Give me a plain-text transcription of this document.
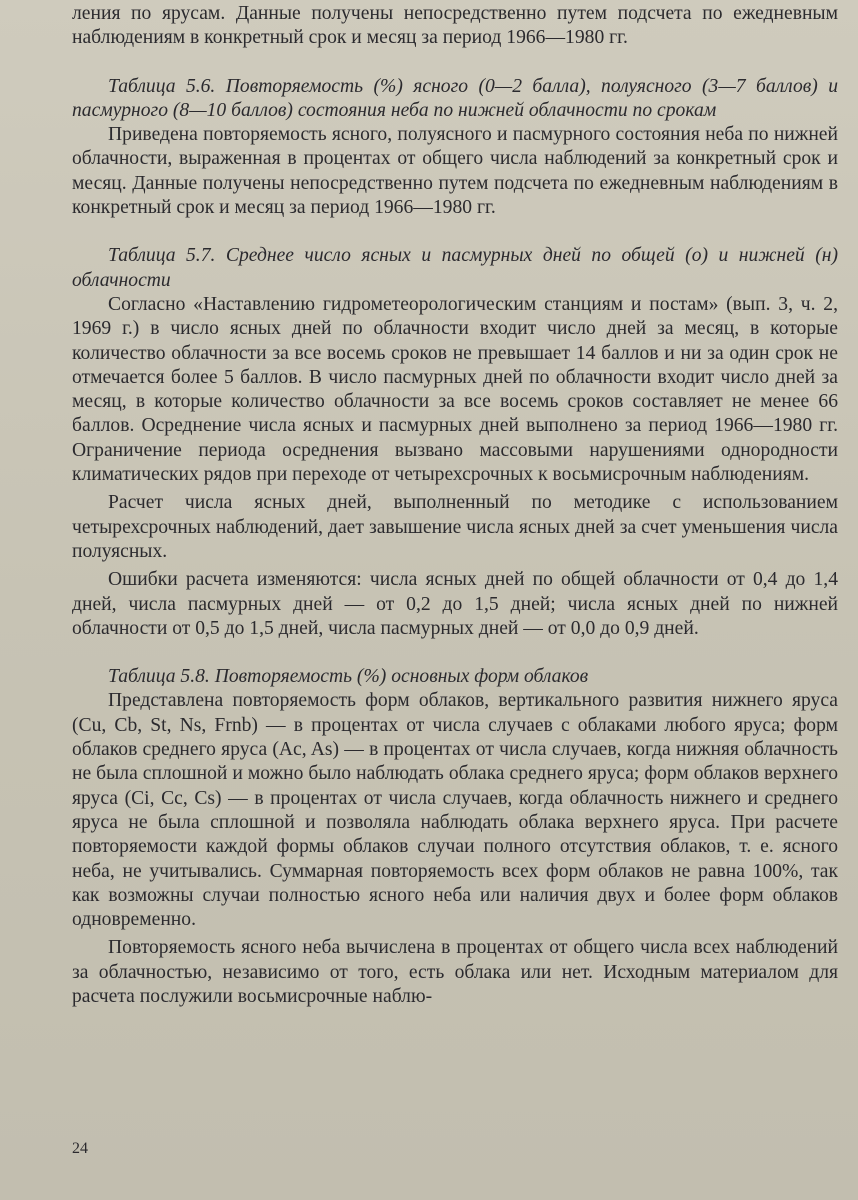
ления по ярусам. Данные получены непосредственно путем подсчета по ежедневным наблюдениям в конкретный срок и месяц за период 1966—1980 гг.

Таблица 5.6. Повторяемость (%) ясного (0—2 балла), полуясного (3—7 баллов) и пасмурного (8—10 баллов) состояния неба по нижней облачности по срокам

Приведена повторяемость ясного, полуясного и пасмурного состояния неба по нижней облачности, выраженная в процентах от общего числа наблюдений за конкретный срок и месяц. Данные получены непосредственно путем подсчета по ежедневным наблюдениям в конкретный срок и месяц за период 1966—1980 гг.

Таблица 5.7. Среднее число ясных и пасмурных дней по общей (о) и нижней (н) облачности

Согласно «Наставлению гидрометеорологическим станциям и постам» (вып. 3, ч. 2, 1969 г.) в число ясных дней по облачности входит число дней за месяц, в которые количество облачности за все восемь сроков не превышает 14 баллов и ни за один срок не отмечается более 5 баллов. В число пасмурных дней по облачности входит число дней за месяц, в которые количество облачности за все восемь сроков составляет не менее 66 баллов. Осреднение числа ясных и пасмурных дней выполнено за период 1966—1980 гг. Ограничение периода осреднения вызвано массовыми нарушениями однородности климатических рядов при переходе от четырехсрочных к восьмисрочным наблюдениям.

Расчет числа ясных дней, выполненный по методике с использованием четырехсрочных наблюдений, дает завышение числа ясных дней за счет уменьшения числа полуясных.

Ошибки расчета изменяются: числа ясных дней по общей облачности от 0,4 до 1,4 дней, числа пасмурных дней — от 0,2 до 1,5 дней; числа ясных дней по нижней облачности от 0,5 до 1,5 дней, числа пасмурных дней — от 0,0 до 0,9 дней.

Таблица 5.8. Повторяемость (%) основных форм облаков

Представлена повторяемость форм облаков, вертикального развития нижнего яруса (Cu, Cb, St, Ns, Frnb) — в процентах от числа случаев с облаками любого яруса; форм облаков среднего яруса (Ac, As) — в процентах от числа случаев, когда нижняя облачность не была сплошной и можно было наблюдать облака среднего яруса; форм облаков верхнего яруса (Ci, Cc, Cs) — в процентах от числа случаев, когда облачность нижнего и среднего яруса не была сплошной и позволяла наблюдать облака верхнего яруса. При расчете повторяемости каждой формы облаков случаи полного отсутствия облаков, т. е. ясного неба, не учитывались. Суммарная повторяемость всех форм облаков не равна 100%, так как возможны случаи полностью ясного неба или наличия двух и более форм облаков одновременно.

Повторяемость ясного неба вычислена в процентах от общего числа всех наблюдений за облачностью, независимо от того, есть облака или нет. Исходным материалом для расчета послужили восьмисрочные наблю-

24
